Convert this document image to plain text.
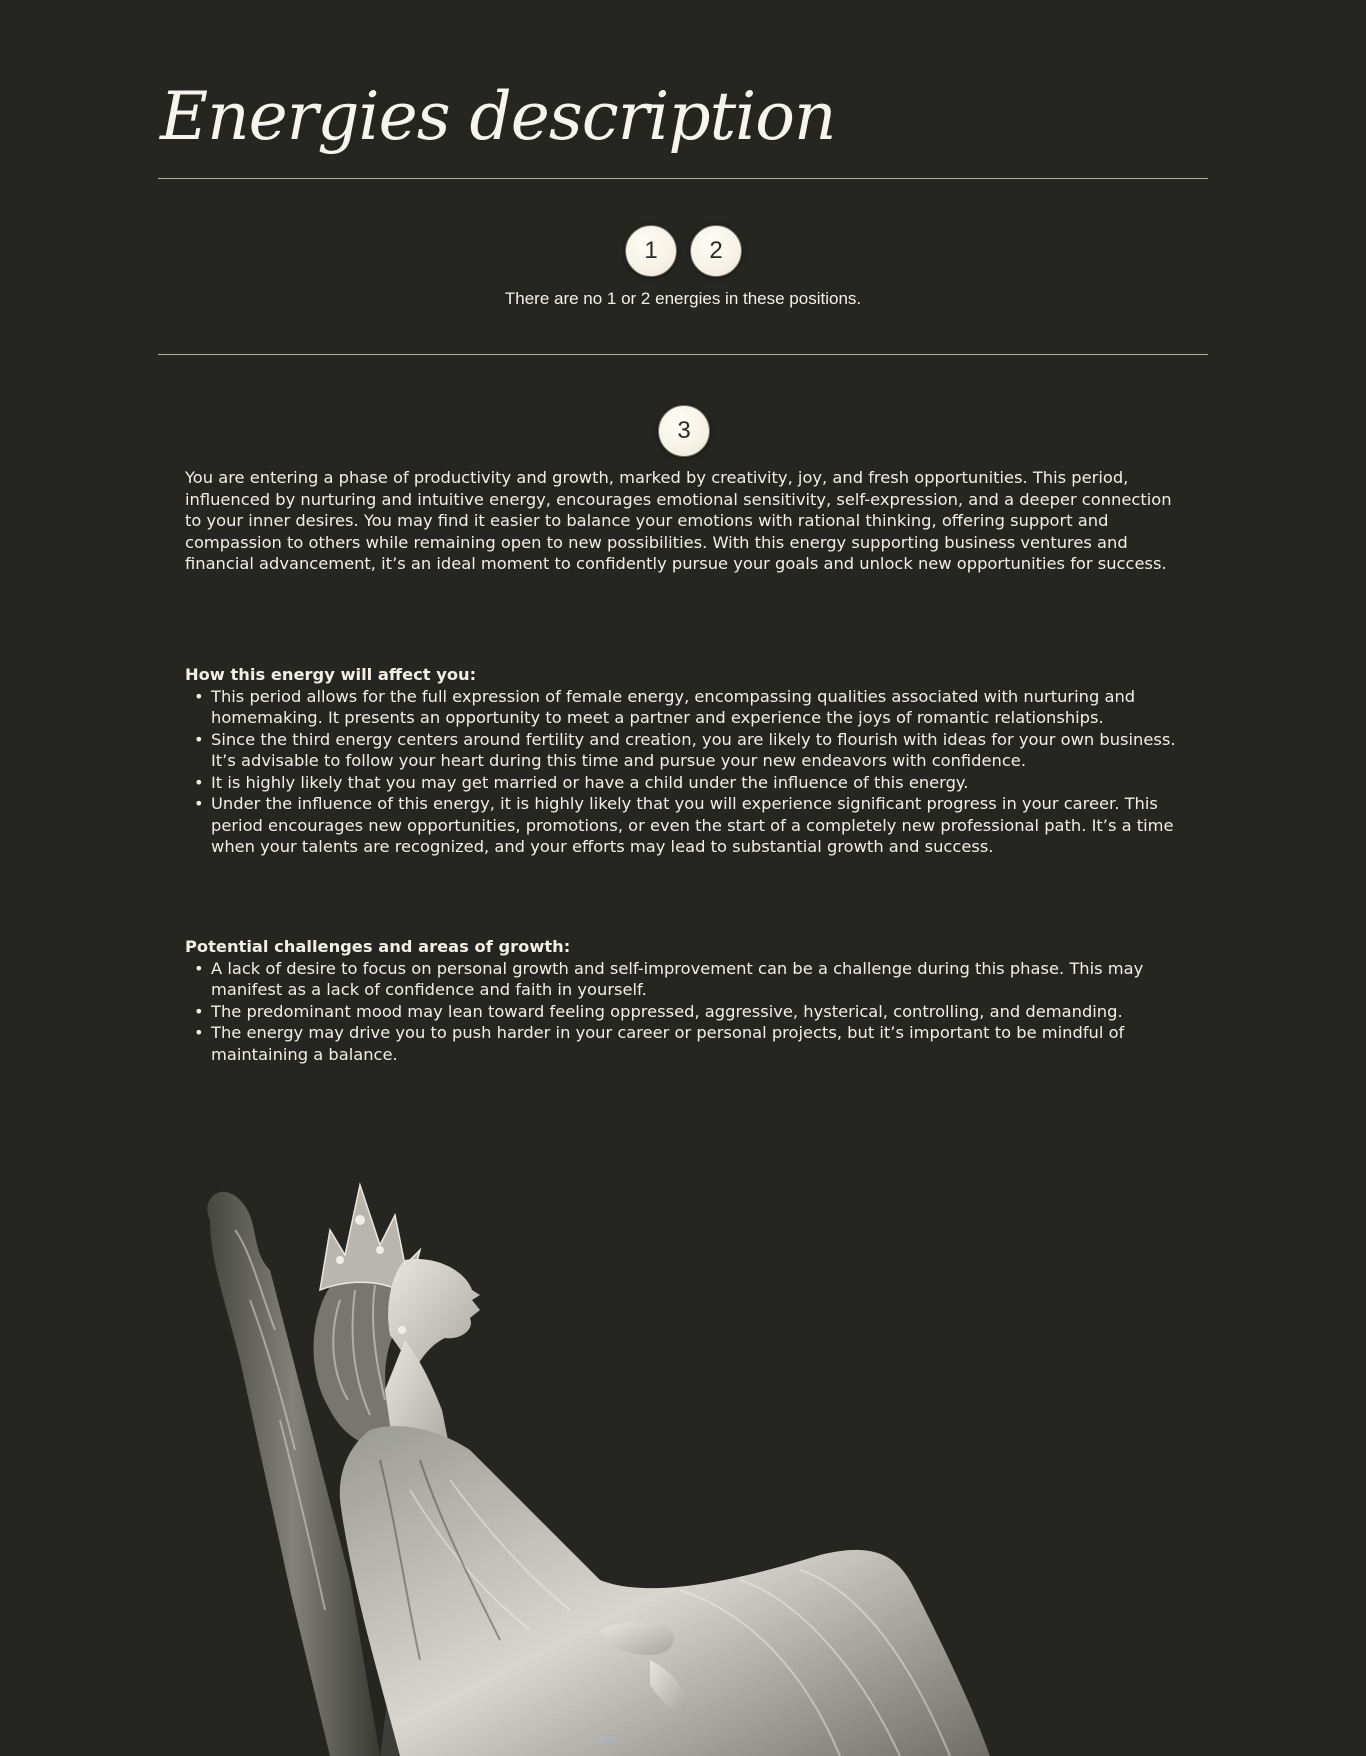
Energies description
1	2

There are no 1 or 2 energies in these positions.

3

You are entering a phase of productivity and growth, marked by creativity, joy, and fresh opportunities. This period, influenced by nurturing and intuitive energy, encourages emotional sensitivity, self-expression, and a deeper connection to your inner desires. You may find it easier to balance your emotions with rational thinking, offering support and compassion to others while remaining open to new possibilities. With this energy supporting business ventures and financial advancement, it’s an ideal moment to confidently pursue your goals and unlock new opportunities for success.

How this energy will affect you:

• This period allows for the full expression of female energy, encompassing qualities associated with nurturing and homemaking. It presents an opportunity to meet a partner and experience the joys of romantic relationships.
• Since the third energy centers around fertility and creation, you are likely to flourish with ideas for your own business. It’s advisable to follow your heart during this time and pursue your new endeavors with confidence.
• It is highly likely that you may get married or have a child under the influence of this energy.
• Under the influence of this energy, it is highly likely that you will experience significant progress in your career. This period encourages new opportunities, promotions, or even the start of a completely new professional path. It’s a time when your talents are recognized, and your efforts may lead to substantial growth and success.

Potential challenges and areas of growth:

• A lack of desire to focus on personal growth and self-improvement can be a challenge during this phase. This may manifest as a lack of confidence and faith in yourself.
• The predominant mood may lean toward feeling oppressed, aggressive, hysterical, controlling, and demanding.
• The energy may drive you to push harder in your career or personal projects, but it’s important to be mindful of maintaining a balance.
